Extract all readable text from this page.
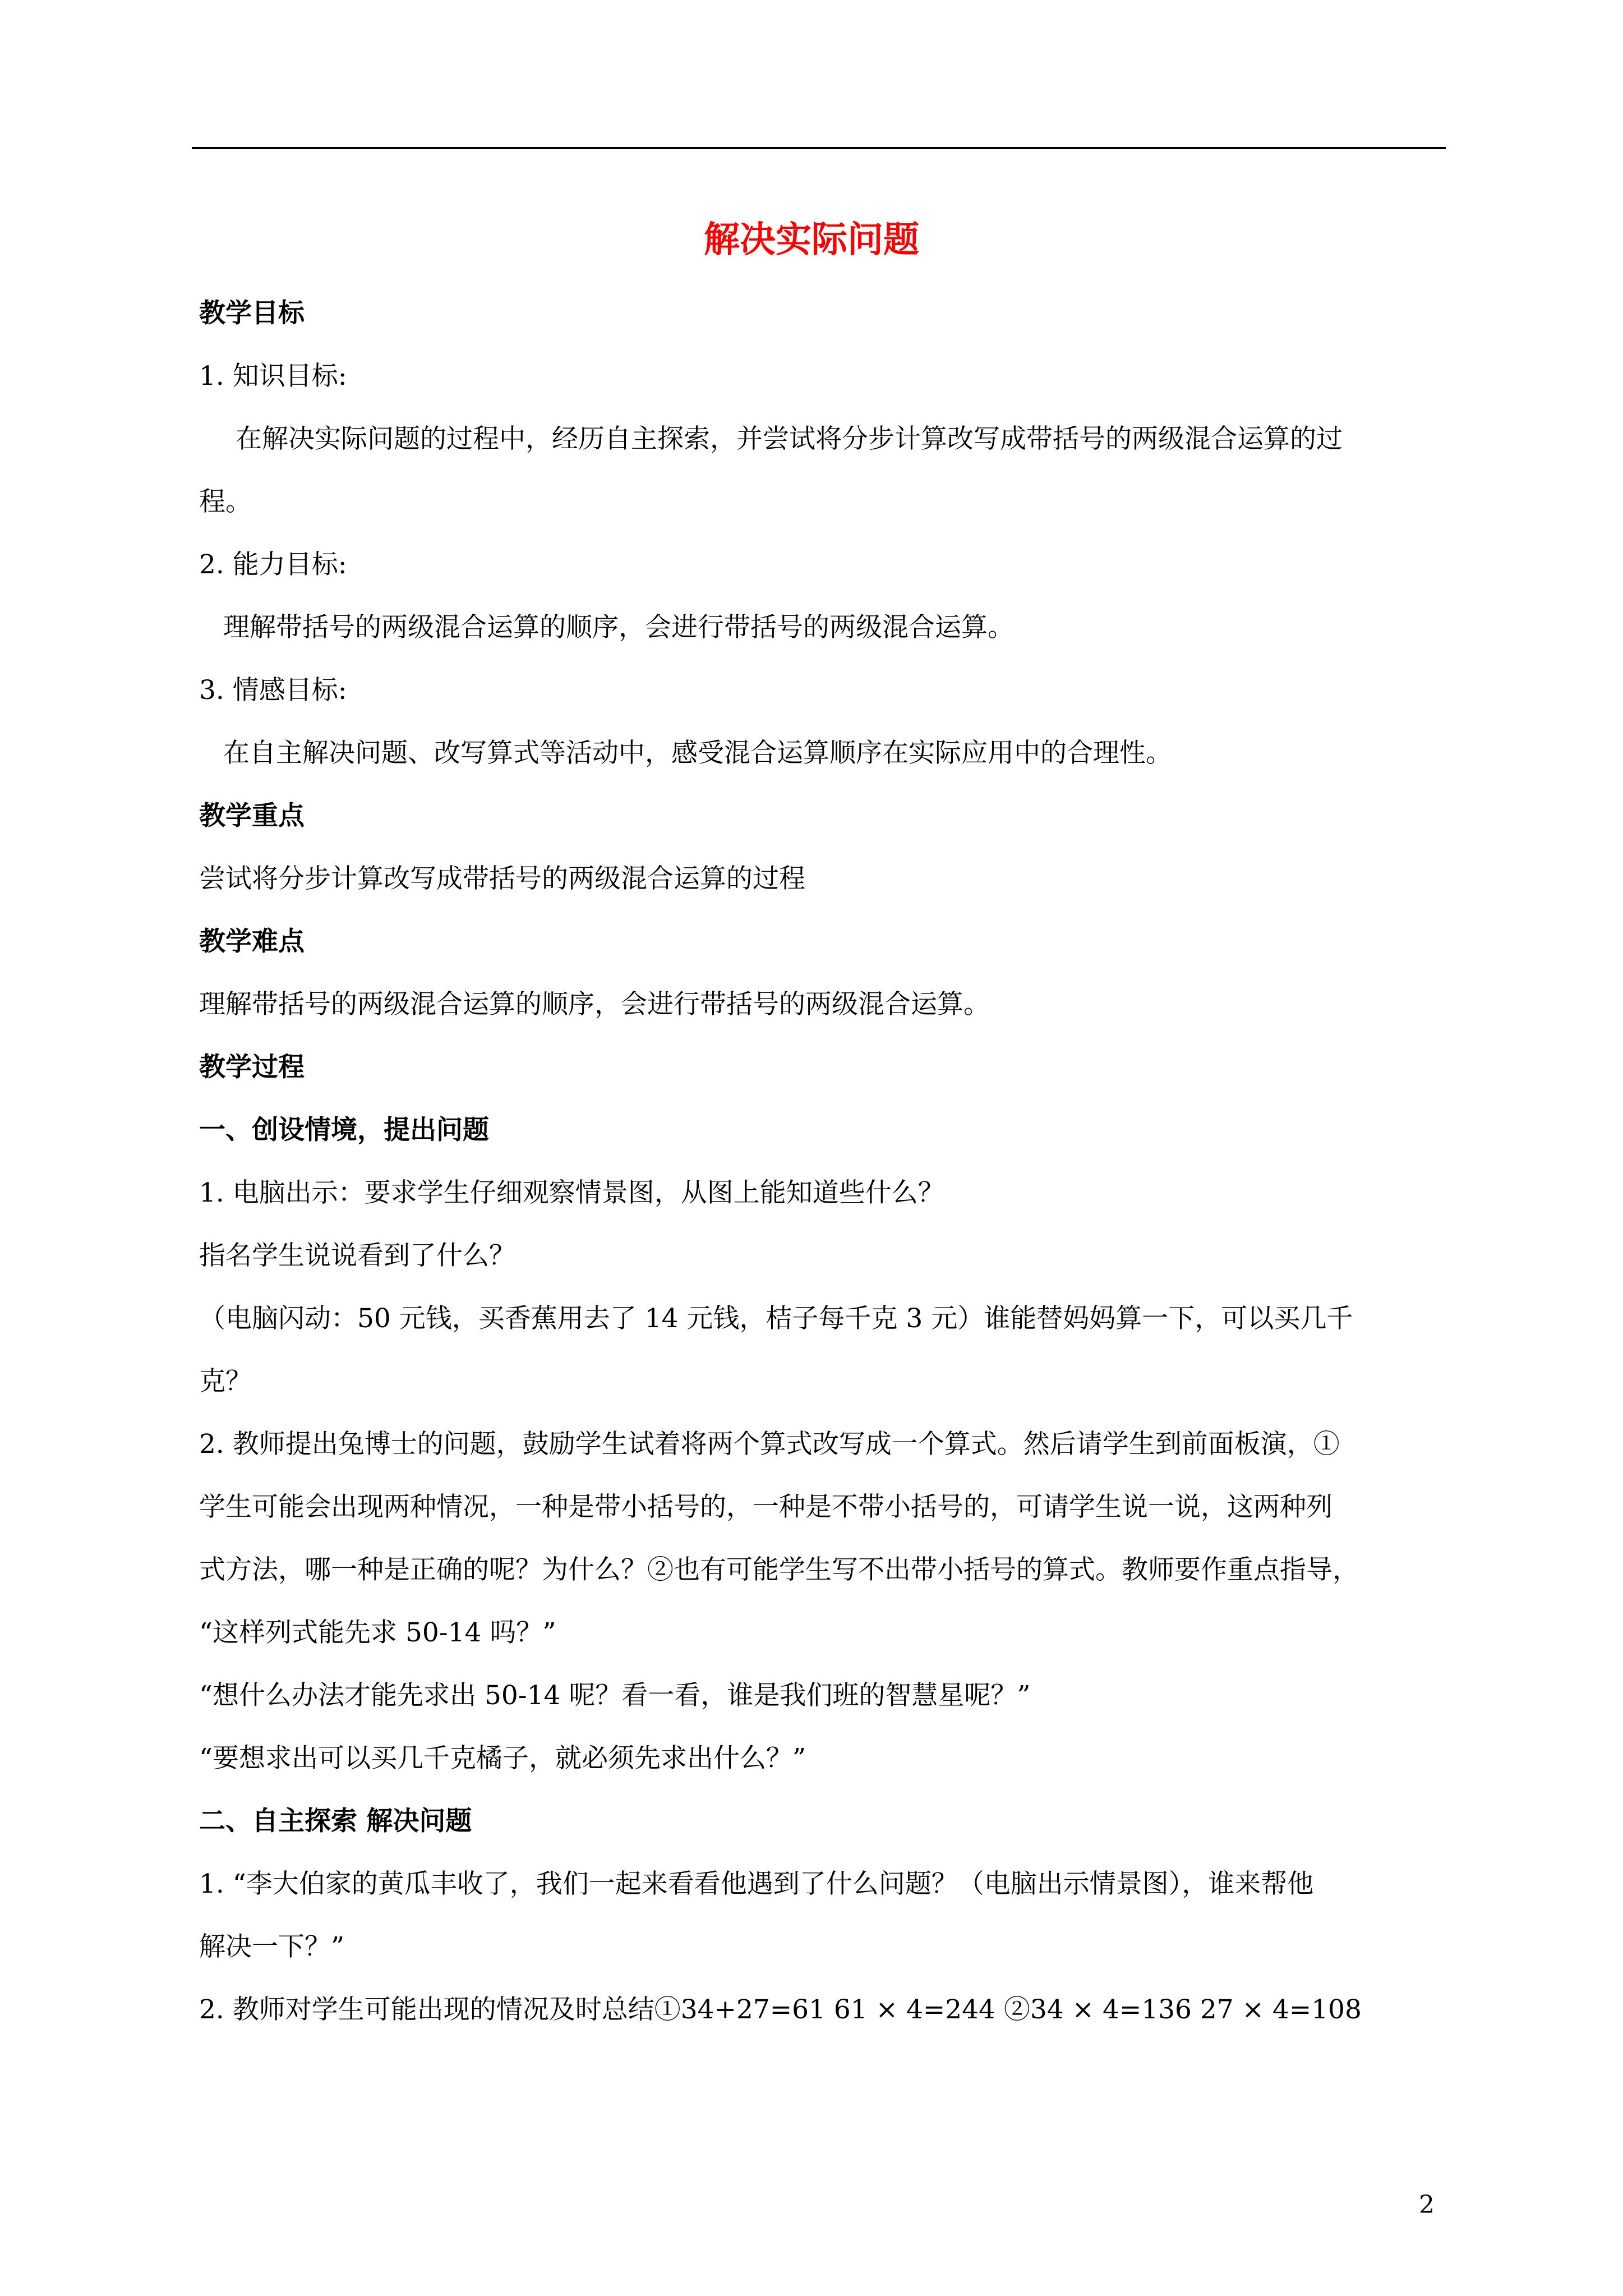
解决实际问题
教学目标
1. 知识目标:
在解决实际问题的过程中，经历自主探索，并尝试将分步计算改写成带括号的两级混合运算的过
程。
2. 能力目标:
理解带括号的两级混合运算的顺序，会进行带括号的两级混合运算。
3. 情感目标:
在自主解决问题、改写算式等活动中，感受混合运算顺序在实际应用中的合理性。
教学重点
尝试将分步计算改写成带括号的两级混合运算的过程
教学难点
理解带括号的两级混合运算的顺序，会进行带括号的两级混合运算。
教学过程
一、创设情境，提出问题
1. 电脑出示：要求学生仔细观察情景图，从图上能知道些什么？
指名学生说说看到了什么？
（电脑闪动：50 元钱，买香蕉用去了 14 元钱，桔子每千克 3 元）谁能替妈妈算一下，可以买几千
克？
2. 教师提出兔博士的问题，鼓励学生试着将两个算式改写成一个算式。然后请学生到前面板演，①
学生可能会出现两种情况，一种是带小括号的，一种是不带小括号的，可请学生说一说，这两种列
式方法，哪一种是正确的呢？为什么？②也有可能学生写不出带小括号的算式。教师要作重点指导，
“这样列式能先求 50-14 吗？”
“想什么办法才能先求出 50-14 呢？看一看，谁是我们班的智慧星呢？”
“要想求出可以买几千克橘子，就必须先求出什么？”
二、自主探索 解决问题
1. “李大伯家的黄瓜丰收了，我们一起来看看他遇到了什么问题？（电脑出示情景图），谁来帮他
解决一下？”
2. 教师对学生可能出现的情况及时总结①34+27=61 61 × 4=244 ②34 × 4=136 27 × 4=108
2
